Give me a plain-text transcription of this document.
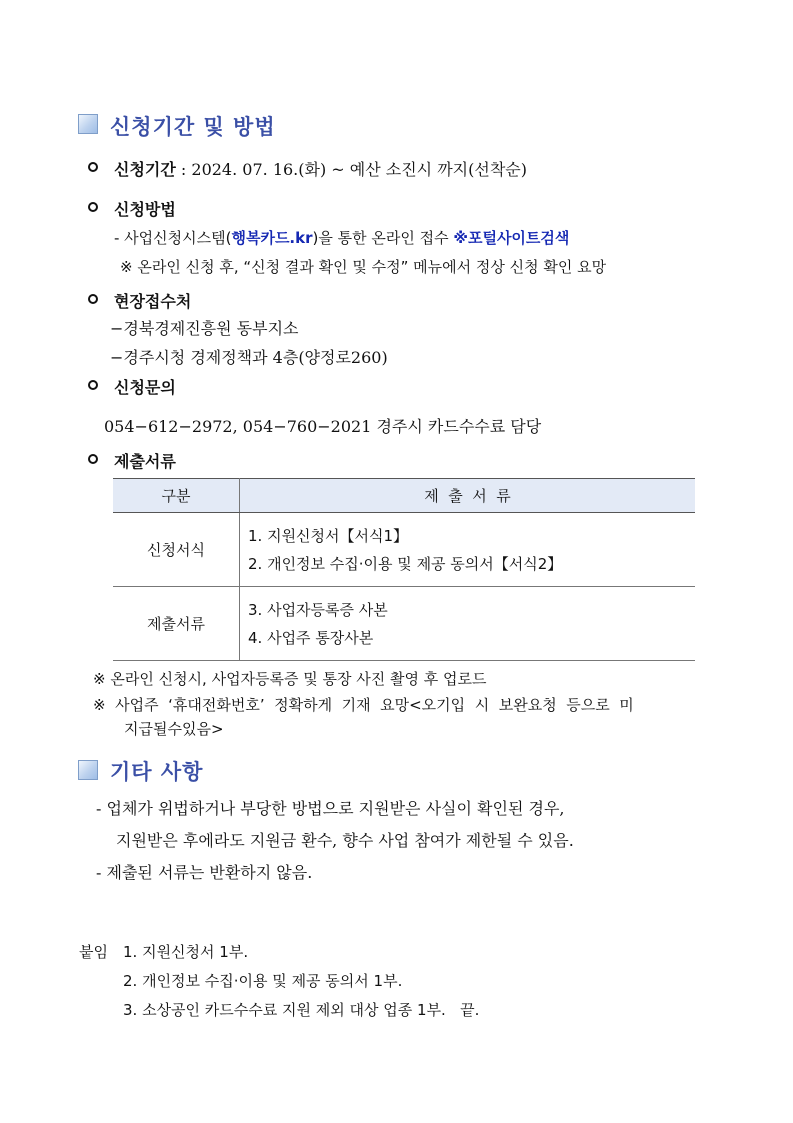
신청기간 및 방법
신청기간 : 2024. 07. 16.(화) ~ 예산 소진시 까지(선착순)
신청방법
- 사업신청시스템(행복카드.kr)을 통한 온라인 접수 ※포털사이트검색
※ 온라인 신청 후, “신청 결과 확인 및 수정” 메뉴에서 정상 신청 확인 요망
현장접수처
−경북경제진흥원 동부지소
−경주시청 경제정책과 4층(양정로260)
신청문의
054−612−2972, 054−760−2021 경주시 카드수수료 담당
제출서류
구분	제  출  서  류
신청서식	1. 지원신청서【서식1】
2. 개인정보 수집·이용 및 제공 동의서【서식2】

제출서류	3. 사업자등록증 사본
4. 사업주 통장사본
※ 온라인 신청시, 사업자등록증 및 통장 사진 촬영 후 업로드
※  사업주  ‘휴대전화번호’  정확하게  기재  요망<오기입  시  보완요청  등으로  미
지급될수있음>
기타 사항
- 업체가 위법하거나 부당한 방법으로 지원받은 사실이 확인된 경우,
지원받은 후에라도 지원금 환수, 향수 사업 참여가 제한될 수 있음.
- 제출된 서류는 반환하지 않음.
붙임 1. 지원신청서 1부.
2. 개인정보 수집·이용 및 제공 동의서 1부.
3. 소상공인 카드수수료 지원 제외 대상 업종 1부.   끝.
